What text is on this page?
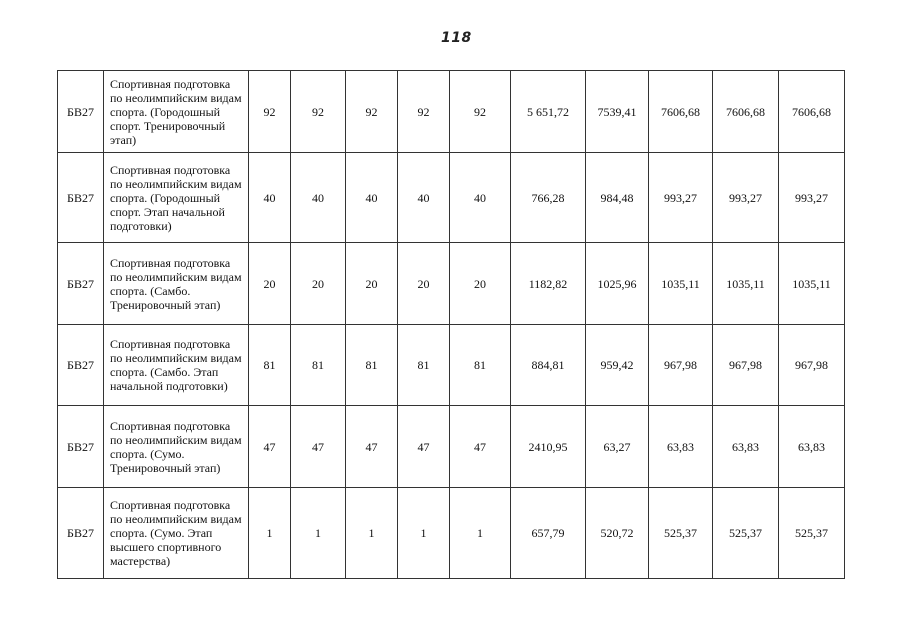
118
БВ27	Спортивная подготовка по неолимпийским видам спорта. (Городошный спорт. Тренировочный этап)	92	92	92	92	92	5 651,72	7539,41	7606,68	7606,68	7606,68
БВ27	Спортивная подготовка по неолимпийским видам спорта. (Городошный спорт. Этап начальной подготовки)	40	40	40	40	40	766,28	984,48	993,27	993,27	993,27
БВ27	Спортивная подготовка по неолимпийским видам спорта. (Самбо. Тренировочный этап)	20	20	20	20	20	1182,82	1025,96	1035,11	1035,11	1035,11
БВ27	Спортивная подготовка по неолимпийским видам спорта. (Самбо. Этап начальной подготовки)	81	81	81	81	81	884,81	959,42	967,98	967,98	967,98
БВ27	Спортивная подготовка по неолимпийским видам спорта. (Сумо. Тренировочный этап)	47	47	47	47	47	2410,95	63,27	63,83	63,83	63,83
БВ27	Спортивная подготовка по неолимпийским видам спорта. (Сумо. Этап высшего спортивного мастерства)	1	1	1	1	1	657,79	520,72	525,37	525,37	525,37
